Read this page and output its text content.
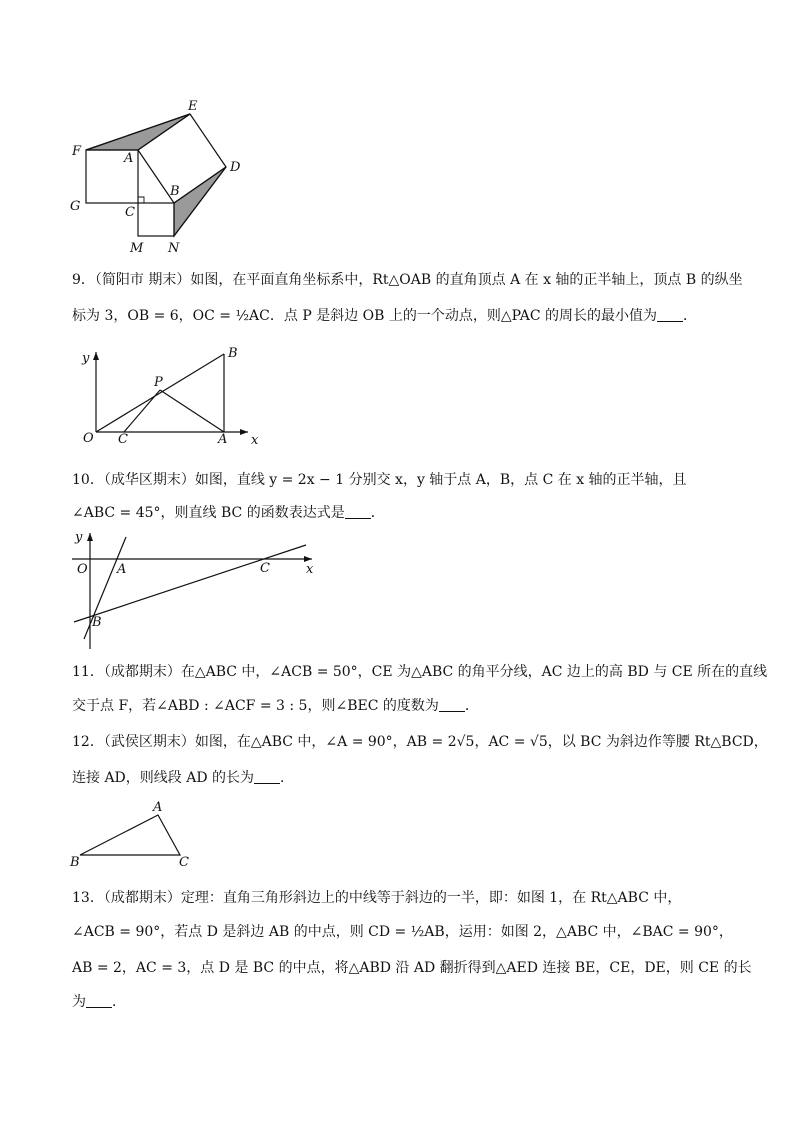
E
F	A
D
B
G	C
M N
9．（简阳市 期末）如图，在平面直角坐标系中，Rt△OAB 的直角顶点 A 在 x 轴的正半轴上，顶点 B 的纵坐
标为 3，OB = 6，OC = ½AC．点 P 是斜边 OB 上的一个动点，则△PAC 的周长的最小值为 ．
y	B
P
O C	A x
10．（成华区期末）如图，直线 y = 2x − 1 分别交 x，y 轴于点 A，B，点 C 在 x 轴的正半轴，且
∠ABC = 45°，则直线 BC 的函数表达式是 ．
y
O A	C	x
B
11．（成都期末）在△ABC 中，∠ACB = 50°，CE 为△ABC 的角平分线，AC 边上的高 BD 与 CE 所在的直线
交于点 F，若∠ABD : ∠ACF = 3 : 5，则∠BEC 的度数为 ．
12．（武侯区期末）如图，在△ABC 中，∠A = 90°，AB = 2√5，AC = √5，以 BC 为斜边作等腰 Rt△BCD，
连接 AD，则线段 AD 的长为 ．
A
B	C
13．（成都期末）定理：直角三角形斜边上的中线等于斜边的一半，即：如图 1，在 Rt△ABC 中，
∠ACB = 90°，若点 D 是斜边 AB 的中点，则 CD = ½AB，运用：如图 2，△ABC 中，∠BAC = 90°，
AB = 2，AC = 3，点 D 是 BC 的中点，将△ABD 沿 AD 翻折得到△AED 连接 BE，CE，DE，则 CE 的长
为 ．
